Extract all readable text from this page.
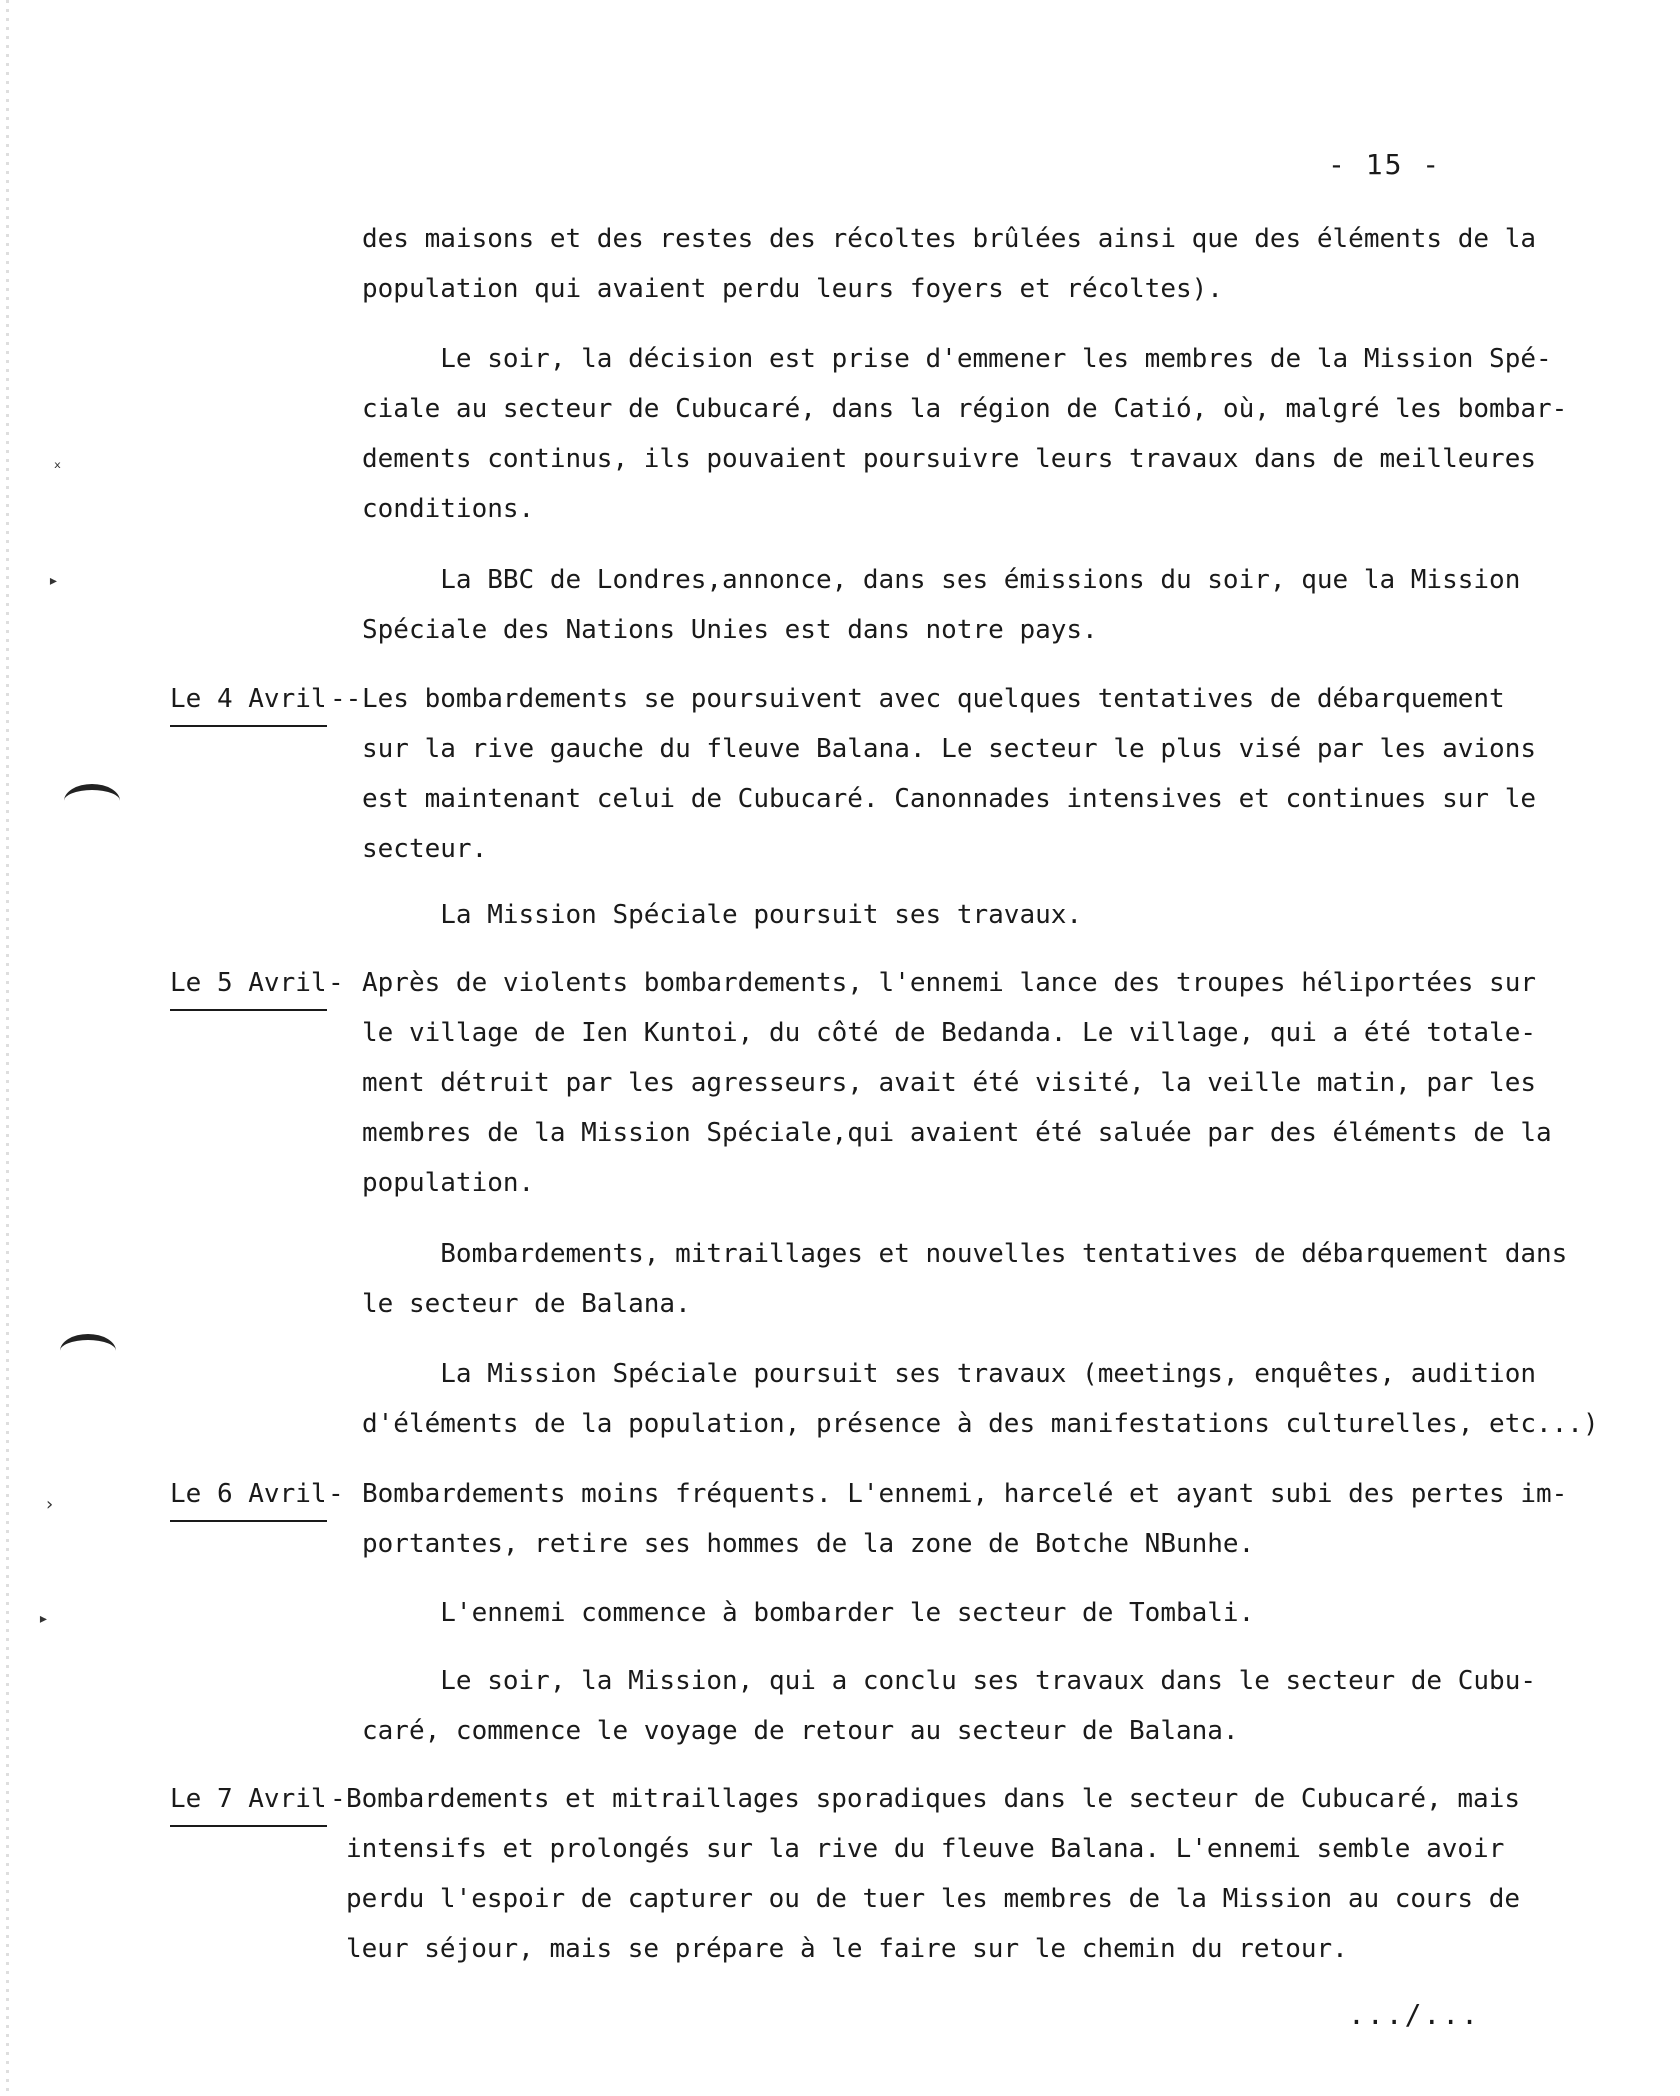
ˣ
▸
›
▸
- 15 -

des maisons et des restes des récoltes brûlées ainsi que des éléments de la

population qui avaient perdu leurs foyers et récoltes).

Le soir, la décision est prise d'emmener les membres de la Mission Spé-

ciale au secteur de Cubucaré, dans la région de Catió, où, malgré les bombar-

dements continus, ils pouvaient poursuivre leurs travaux dans de meilleures

conditions.

La BBC de Londres,annonce, dans ses émissions du soir, que la Mission

Spéciale des Nations Unies est dans notre pays.

Le 4 Avril -- Les bombardements se poursuivent avec quelques tentatives de débarquement

sur la rive gauche du fleuve Balana. Le secteur le plus visé par les avions

est maintenant celui de Cubucaré. Canonnades intensives et continues sur le

secteur.

La Mission Spéciale poursuit ses travaux.

Le 5 Avril - Après de violents bombardements, l'ennemi lance des troupes héliportées sur

le village de Ien Kuntoi, du côté de Bedanda. Le village, qui a été totale-

ment détruit par les agresseurs, avait été visité, la veille matin, par les

membres de la Mission Spéciale,qui avaient été saluée par des éléments de la

population.

Bombardements, mitraillages et nouvelles tentatives de débarquement dans

le secteur de Balana.

La Mission Spéciale poursuit ses travaux (meetings, enquêtes, audition

d'éléments de la population, présence à des manifestations culturelles, etc...)

Le 6 Avril - Bombardements moins fréquents. L'ennemi, harcelé et ayant subi des pertes im-

portantes, retire ses hommes de la zone de Botche NBunhe.

L'ennemi commence à bombarder le secteur de Tombali.

Le soir, la Mission, qui a conclu ses travaux dans le secteur de Cubu-

caré, commence le voyage de retour au secteur de Balana.

Le 7 Avril - Bombardements et mitraillages sporadiques dans le secteur de Cubucaré, mais

intensifs et prolongés sur la rive du fleuve Balana. L'ennemi semble avoir

perdu l'espoir de capturer ou de tuer les membres de la Mission au cours de

leur séjour, mais se prépare à le faire sur le chemin du retour.

.../...
